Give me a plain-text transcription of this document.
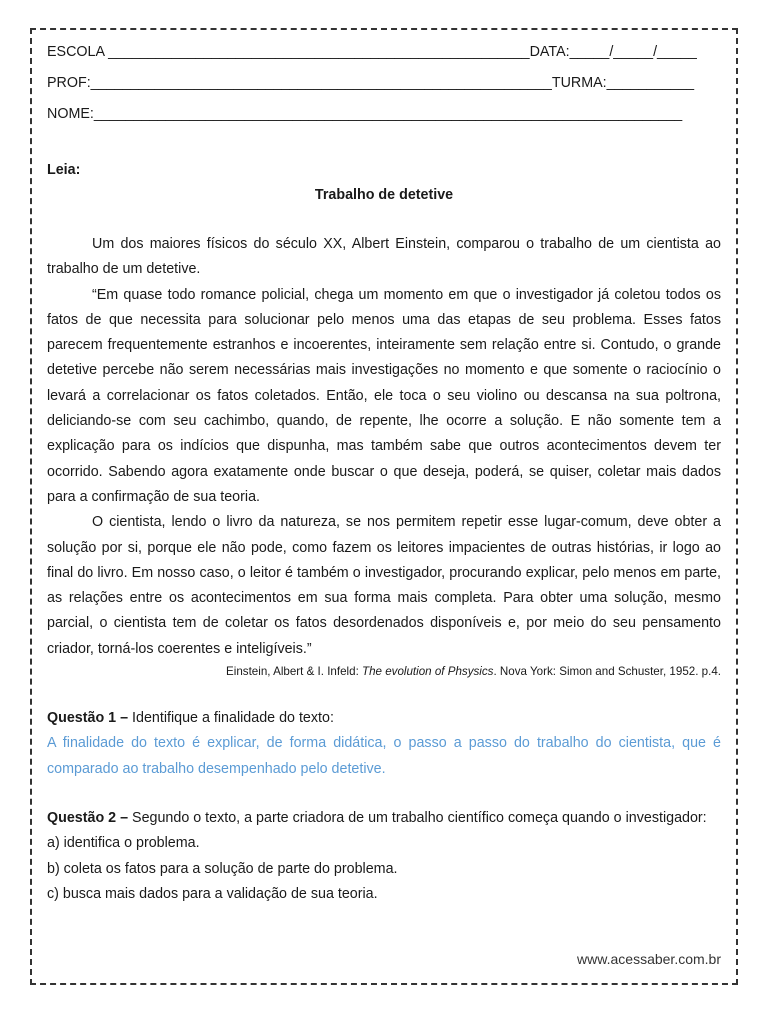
ESCOLA _____________________________________________________DATA:_____/_____/_____
PROF:__________________________________________________________TURMA:___________
NOME:__________________________________________________________________________
Leia:
Trabalho de detetive

Um dos maiores físicos do século XX, Albert Einstein, comparou o trabalho de um cientista ao trabalho de um detetive.

“Em quase todo romance policial, chega um momento em que o investigador já coletou todos os fatos de que necessita para solucionar pelo menos uma das etapas de seu problema. Esses fatos parecem frequentemente estranhos e incoerentes, inteiramente sem relação entre si. Contudo, o grande detetive percebe não serem necessárias mais investigações no momento e que somente o raciocínio o levará a correlacionar os fatos coletados. Então, ele toca o seu violino ou descansa na sua poltrona, deliciando-se com seu cachimbo, quando, de repente, lhe ocorre a solução. E não somente tem a explicação para os indícios que dispunha, mas também sabe que outros acontecimentos devem ter ocorrido. Sabendo agora exatamente onde buscar o que deseja, poderá, se quiser, coletar mais dados para a confirmação de sua teoria.

O cientista, lendo o livro da natureza, se nos permitem repetir esse lugar-comum, deve obter a solução por si, porque ele não pode, como fazem os leitores impacientes de outras histórias, ir logo ao final do livro. Em nosso caso, o leitor é também o investigador, procurando explicar, pelo menos em parte, as relações entre os acontecimentos em sua forma mais completa. Para obter uma solução, mesmo parcial, o cientista tem de coletar os fatos desordenados disponíveis e, por meio do seu pensamento criador, torná-los coerentes e inteligíveis.”

Einstein, Albert & I. Infeld: The evolution of Phsysics. Nova York: Simon and Schuster, 1952. p.4.
Questão 1 – Identifique a finalidade do texto:
A finalidade do texto é explicar, de forma didática, o passo a passo do trabalho do cientista, que é comparado ao trabalho desempenhado pelo detetive.
Questão 2 – Segundo o texto, a parte criadora de um trabalho científico começa quando o investigador:
a) identifica o problema.
b) coleta os fatos para a solução de parte do problema.
c) busca mais dados para a validação de sua teoria.
www.acessaber.com.br
